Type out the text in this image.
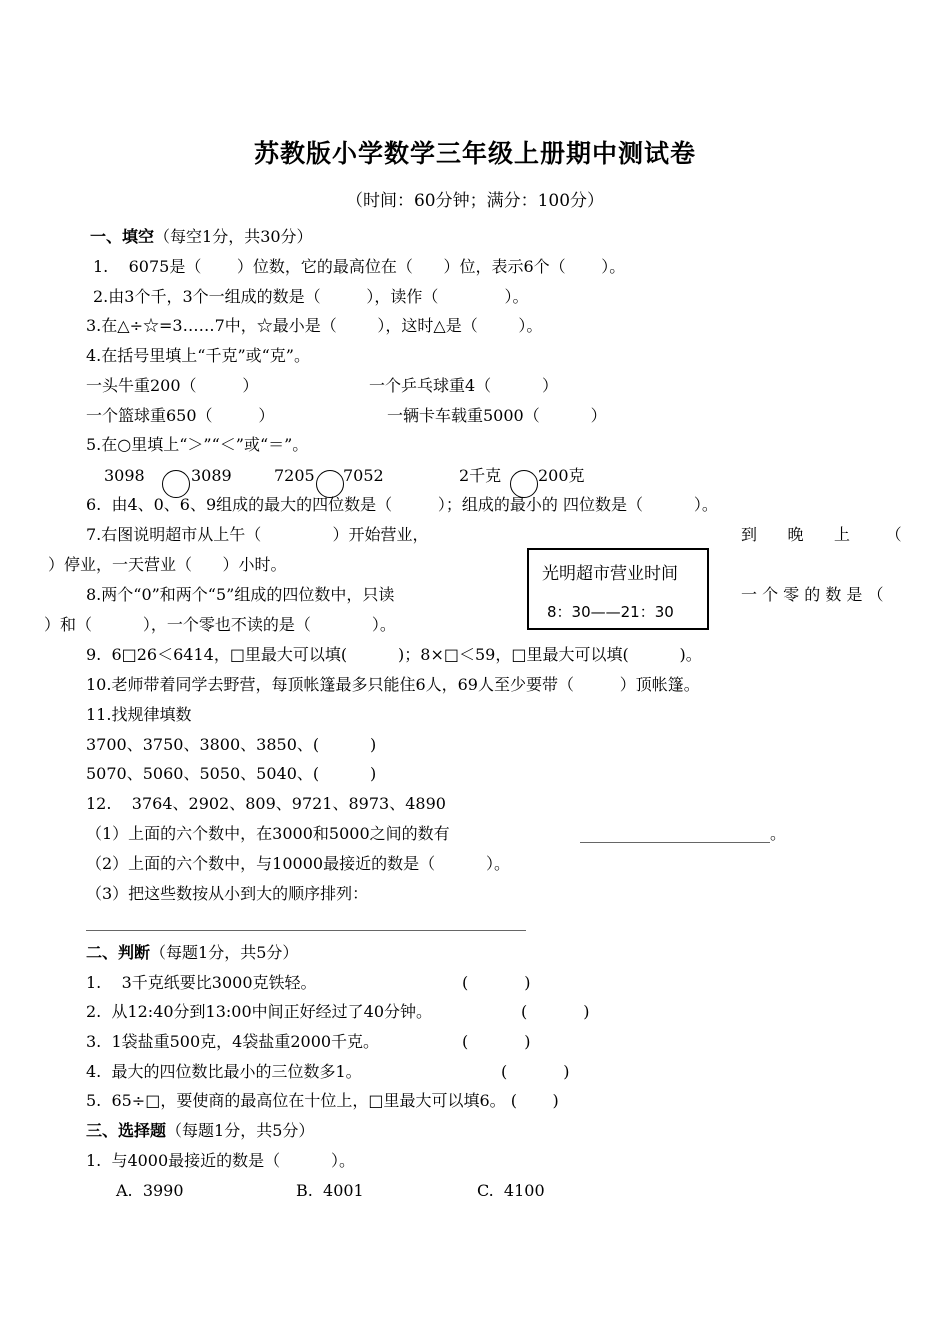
苏教版小学数学三年级上册期中测试卷
（时间：60分钟；满分：100分）
一、填空（每空1分，共30分）
1.    6075是（       ）位数，它的最高位在（      ）位，表示6个（       ）。
2.由3个千，3个一组成的数是（         ），读作（             ）。
3.在△÷☆=3……7中，☆最小是（        ），这时△是（        ）。
4.在括号里填上“千克”或“克”。
一头牛重200（         ）	一个乒乓球重4（          ）
一个篮球重650（         ）	一辆卡车载重5000（          ）
5.在○里填上“＞”“＜”或“＝”。
3098	3089	7205 7052	2千克 200克
6.  由4、0、6、9组成的最大的四位数是（         ）；组成的最小的 四位数是（          ）。
7.右图说明超市从上午（              ）开始营业，	到      晚      上       （
）停业，一天营业（      ）小时。
8.两个“0”和两个“5”组成的四位数中，只读	一 个 零 的 数 是 （
）和（          ），一个零也不读的是（            ）。
光明超市营业时间
8：30——21：30
9.  6□26＜6414，□里最大可以填(          )；8×□＜59，□里最大可以填(          )。
10.老师带着同学去野营，每顶帐篷最多只能住6人，69人至少要带（         ）顶帐篷。
11.找规律填数
3700、3750、3800、3850、(          )
5070、5060、5050、5040、(          )
12.    3764、2902、809、9721、8973、4890
（1）上面的六个数中，在3000和5000之间的数有	。
（2）上面的六个数中，与10000最接近的数是（          ）。
（3）把这些数按从小到大的顺序排列：
二、判断（每题1分，共5分）
1.    3千克纸要比3000克铁轻。	(           )
2.  从12:40分到13:00中间正好经过了40分钟。	(           )
3.  1袋盐重500克，4袋盐重2000千克。	(           )
4.  最大的四位数比最小的三位数多1。	(           )
5.  65÷□，要使商的最高位在十位上，□里最大可以填6。 (       )
三、选择题（每题1分，共5分）
1.  与4000最接近的数是（          ）。
A.  3990	B.  4001	C.  4100
